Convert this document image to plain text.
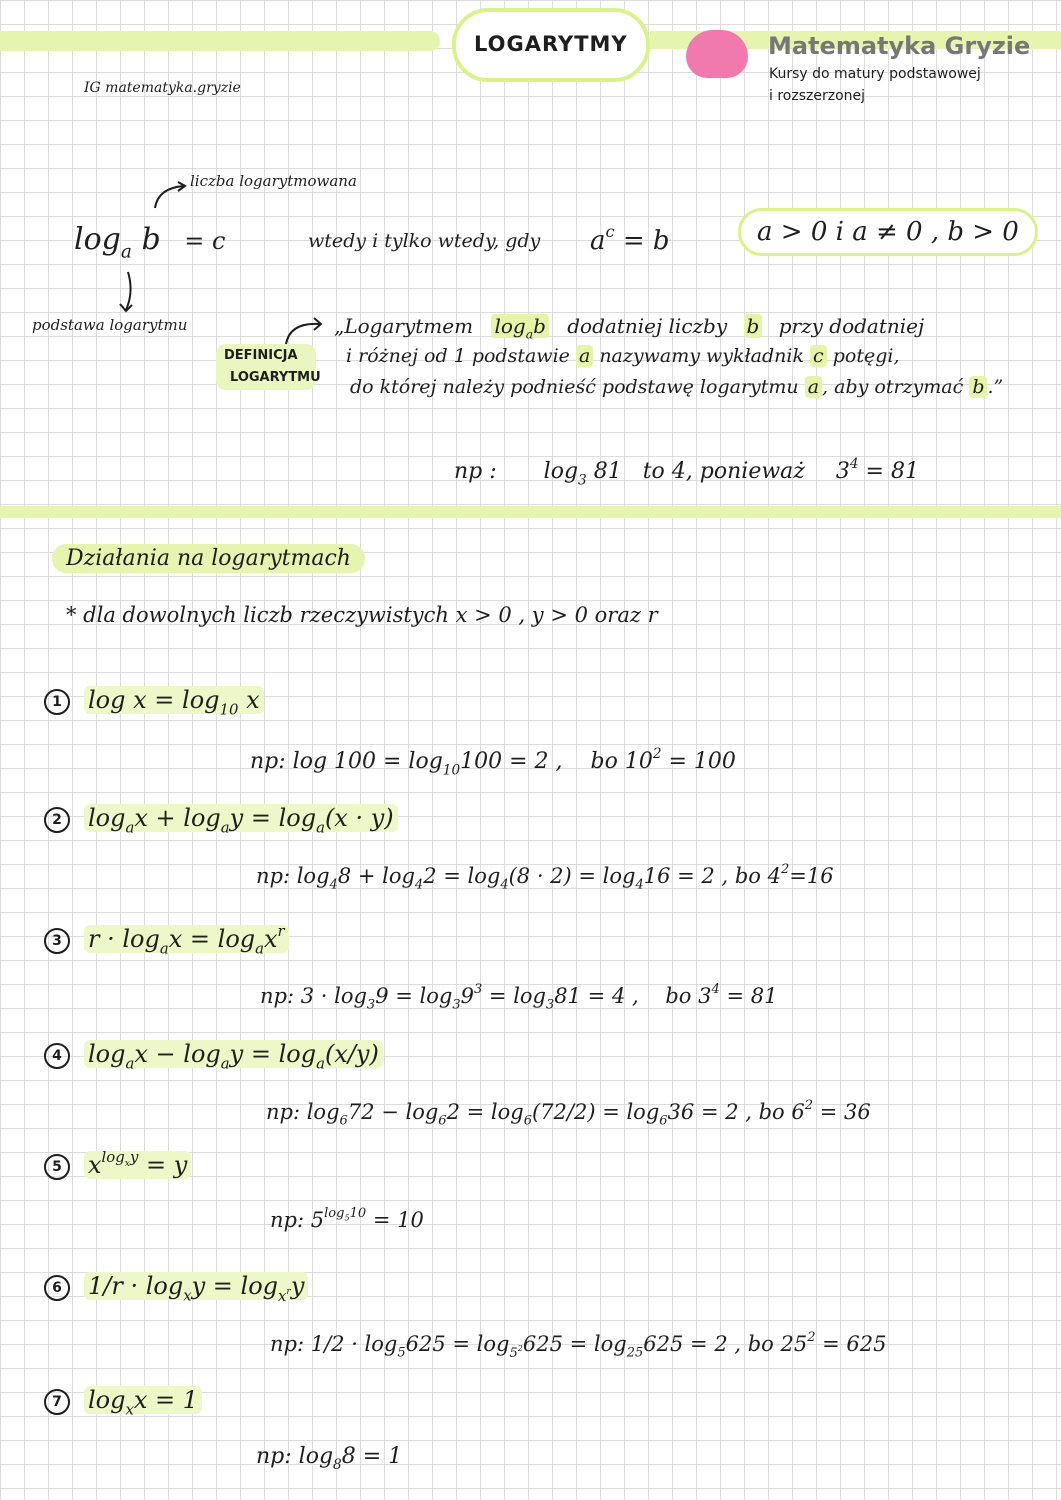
LOGARYTMY	Matematyka Gryzie
Kursy do matury podstawowej
i rozszerzonej
IG matematyka.gryzie
liczba logarytmowana
$\log_a b = c$
podstawa logarytmu
wtedy i tylko wtedy, gdy $a^c = b$	a > 0 i a ≠ 0 , b > 0
DEFINICJA
LOGARYTMU
„Logarytmem $\log_ab$ dodatniej liczby b przy dodatniej
i różnej od 1 podstawie a nazywamy wykładnik c potęgi,
do której należy podnieść podstawę logarytmu a , aby otrzymać b .”
np : $\log_3 81$ to 4, ponieważ $3^4 = 81$
Działania na logarytmach
* dla dowolnych liczb rzeczywistych x > 0 , y > 0 oraz r
1 $\log x = \log_{10} x$
np: $\log 100 = \log_{10}100 = 2$ ,    bo $10^2 = 100$
2 $\log_ax + \log_ay = \log_a(x \cdot y)$
np: $\log_48 + \log_42 = \log_4(8 \cdot 2) = \log_416 = 2$ , bo $4^2=16$
3 $r \cdot \log_ax = \log_ax^r$
np: $3 \cdot \log_39 = \log_39^3 = \log_381 = 4$ ,    bo $3^4 = 81$
4 $\log_ax - \log_ay = \log_a(x/y)$
np: $\log_672 - \log_62 = \log_6(72/2) = \log_636 = 2$ , bo $6^2 = 36$
5 $x^{log_xy} = y$
np: $5^{log_510} = 10$
6 $1/r \cdot \log_xy = \log_{x^r}y$
np: $1/2 \cdot \log_5625 = \log_{5^2}625 = \log_{25}625 = 2$ , bo $25^2 = 625$
7 $\log_xx = 1$
np: $\log_88 = 1$
